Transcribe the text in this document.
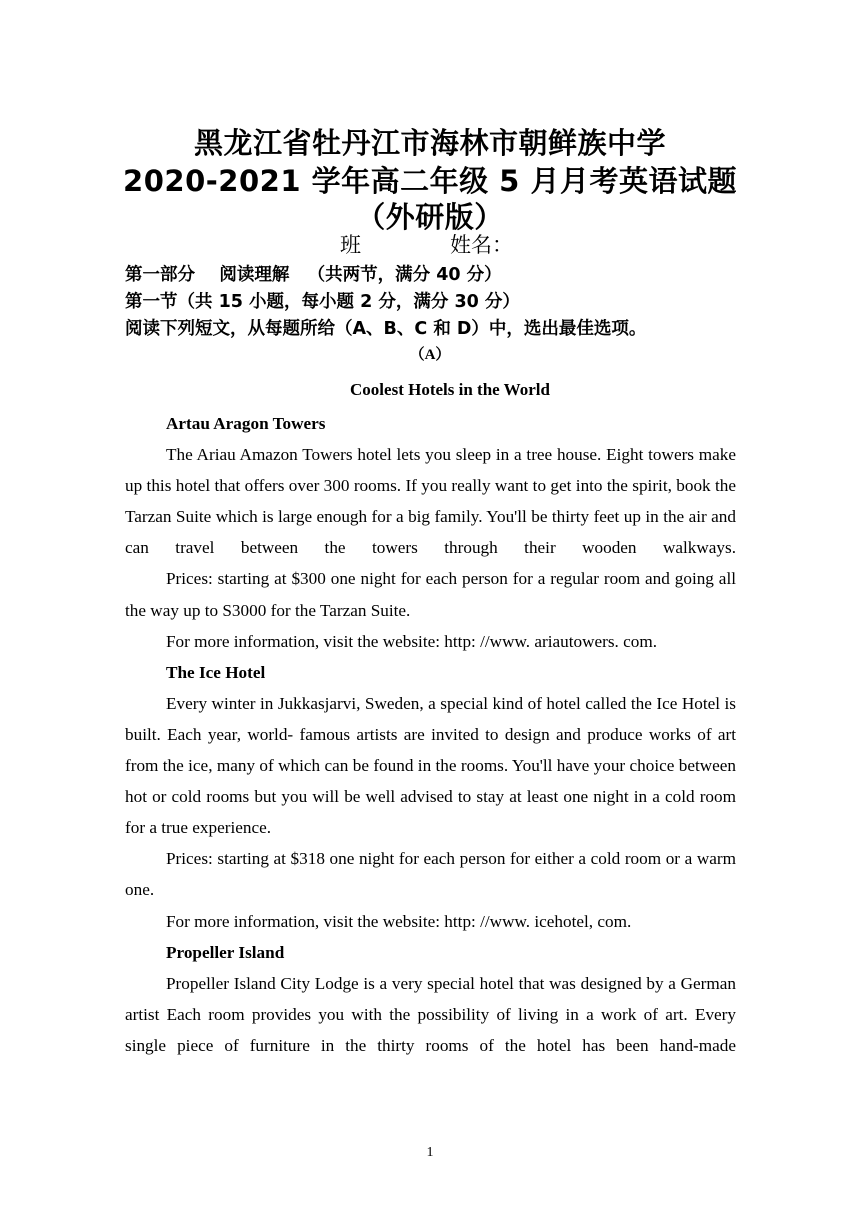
黑龙江省牡丹江市海林市朝鲜族中学
2020-2021 学年高二年级 5 月月考英语试题
（外研版）
班	姓名：
第一部分    阅读理解   （共两节，满分 40 分）
第一节（共 15 小题，每小题 2 分，满分 30 分）
阅读下列短文，从每题所给（A、B、C 和 D）中，选出最佳选项。
（A）
Coolest Hotels in the World

Artau Aragon Towers

The Ariau Amazon Towers hotel lets you sleep in a tree house. Eight towers make up this hotel that offers over 300 rooms. If you really want to get into the spirit, book the Tarzan Suite which is large enough for a big family. You'll be thirty feet up in the air and can travel between the towers through their wooden walkways.

Prices: starting at $300 one night for each person for a regular room and going all the way up to S3000 for the Tarzan Suite.

For more information, visit the website: http: //www. ariautowers. com.

The Ice Hotel

Every winter in Jukkasjarvi, Sweden, a special kind of hotel called the Ice Hotel is built. Each year, world- famous artists are invited to design and produce works of art from the ice, many of which can be found in the rooms. You'll have your choice between hot or cold rooms but you will be well advised to stay at least one night in a cold room for a true experience.

Prices: starting at $318 one night for each person for either a cold room or a warm one.

For more information, visit the website: http: //www. icehotel, com.

Propeller Island

Propeller Island City Lodge is a very special hotel that was designed by a German artist Each room provides you with the possibility of living in a work of art. Every single piece of furniture in the thirty rooms of the hotel has been hand-made

1
